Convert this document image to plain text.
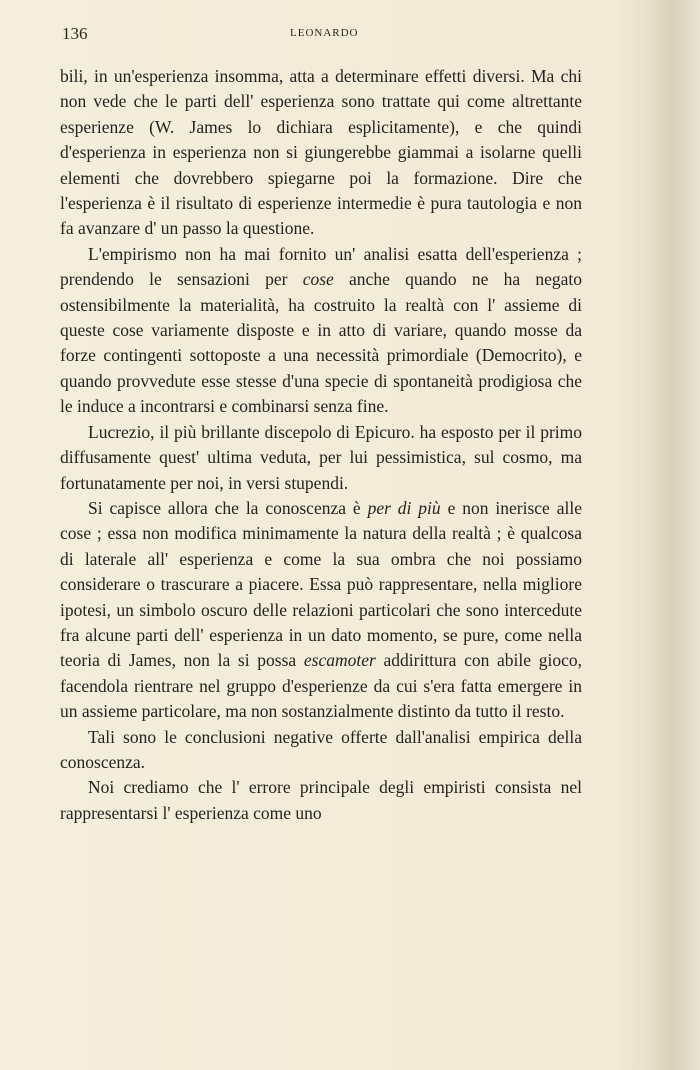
136	LEONARDO

bili, in un'esperienza insomma, atta a determinare effetti diversi. Ma chi non vede che le parti dell' esperienza sono trattate qui come altrettante esperienze (W. James lo dichiara esplicitamente), e che quindi d'esperienza in esperienza non si giungerebbe giammai a isolarne quelli elementi che dovrebbero spiegarne poi la formazione. Dire che l'esperienza è il risultato di esperienze intermedie è pura tautologia e non fa avanzare d' un passo la questione.

L'empirismo non ha mai fornito un' analisi esatta dell'esperienza ; prendendo le sensazioni per cose anche quando ne ha negato ostensibilmente la materialità, ha costruito la realtà con l' assieme di queste cose variamente disposte e in atto di variare, quando mosse da forze contingenti sottoposte a una necessità primordiale (Democrito), e quando provvedute esse stesse d'una specie di spontaneità prodigiosa che le induce a incontrarsi e combinarsi senza fine.

Lucrezio, il più brillante discepolo di Epicuro. ha esposto per il primo diffusamente quest' ultima veduta, per lui pessimistica, sul cosmo, ma fortunatamente per noi, in versi stupendi.

Si capisce allora che la conoscenza è per di più e non inerisce alle cose ; essa non modifica minimamente la natura della realtà ; è qualcosa di laterale all' esperienza e come la sua ombra che noi possiamo considerare o trascurare a piacere. Essa può rappresentare, nella migliore ipotesi, un simbolo oscuro delle relazioni particolari che sono intercedute fra alcune parti dell' esperienza in un dato momento, se pure, come nella teoria di James, non la si possa escamoter addirittura con abile gioco, facendola rientrare nel gruppo d'esperienze da cui s'era fatta emergere in un assieme particolare, ma non sostanzialmente distinto da tutto il resto.

Tali sono le conclusioni negative offerte dall'analisi empirica della conoscenza.

Noi crediamo che l' errore principale degli empiristi consista nel rappresentarsi l' esperienza come uno
